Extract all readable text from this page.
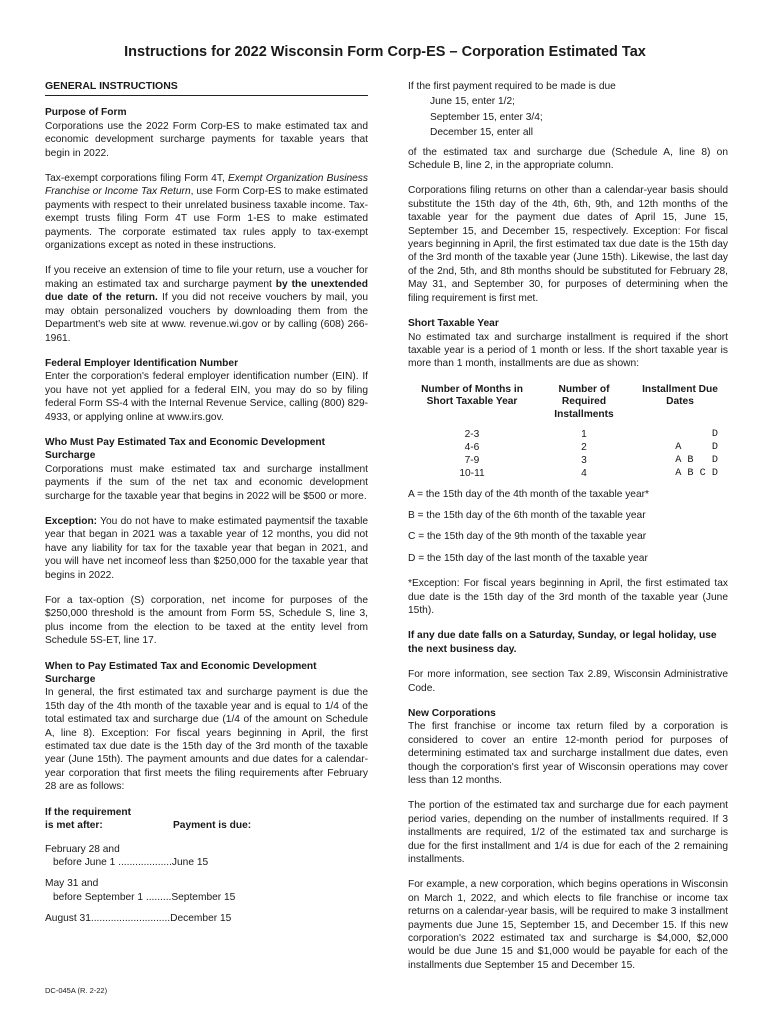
Instructions for 2022 Wisconsin Form Corp-ES – Corporation Estimated Tax
GENERAL INSTRUCTIONS
Purpose of Form

Corporations use the 2022 Form Corp-ES to make estimated tax and economic development surcharge payments for taxable years that begin in 2022.

Tax-exempt corporations filing Form 4T, Exempt Organization Business Franchise or Income Tax Return, use Form Corp-ES to make estimated payments with respect to their unrelated business taxable income. Tax-exempt trusts filing Form 4T use Form 1-ES to make estimated payments. The corporate estimated tax rules apply to tax-exempt organizations except as noted in these instructions.

If you receive an extension of time to file your return, use a voucher for making an estimated tax and surcharge payment by the unextended due date of the return. If you did not receive vouchers by mail, you may obtain personalized vouchers by downloading them from the Department's web site at www. revenue.wi.gov or by calling (608) 266-1961.

Federal Employer Identification Number

Enter the corporation's federal employer identification number (EIN). If you have not yet applied for a federal EIN, you may do so by filing federal Form SS-4 with the Internal Revenue Service, calling (800) 829-4933, or applying online at www.irs.gov.

Who Must Pay Estimated Tax and Economic Development Surcharge

Corporations must make estimated tax and surcharge installment payments if the sum of the net tax and economic development surcharge for the taxable year that begins in 2022 will be $500 or more.

Exception: You do not have to make estimated paymentsif the taxable year that began in 2021 was a taxable year of 12 months, you did not have any liability for tax for the taxable year that began in 2021, and you will have net incomeof less than $250,000 for the taxable year that begins in 2022.

For a tax-option (S) corporation, net income for purposes of the $250,000 threshold is the amount from Form 5S, Schedule S, line 3, plus income from the election to be taxed at the entity level from Schedule 5S-ET, line 17.

When to Pay Estimated Tax and Economic Development Surcharge

In general, the first estimated tax and surcharge payment is due the 15th day of the 4th month of the taxable year and is equal to 1/4 of the total estimated tax and surcharge due (1/4 of the amount on Schedule A, line 8). Exception: For fiscal years beginning in April, the first estimated tax due date is the 15th day of the 3rd month of the taxable year (June 15th). The payment amounts and due dates for a calendar-year corporation that first meets the filing requirements after February 28 are as follows:

If the requirement
is met after:	Payment is due:
February 28 and
before June 1 ...................June 15
May 31 and
before September 1 .........September 15
August 31............................December 15
If the first payment required to be made is due
June 15, enter 1/2;
September 15, enter 3/4;
December 15, enter all

of the estimated tax and surcharge due (Schedule A, line 8) on Schedule B, line 2, in the appropriate column.

Corporations filing returns on other than a calendar-year basis should substitute the 15th day of the 4th, 6th, 9th, and 12th months of the taxable year for the payment due dates of April 15, June 15, September 15, and December 15, respectively. Exception: For fiscal years beginning in April, the first estimated tax due date is the 15th day of the 3rd month of the taxable year (June 15th). Likewise, the last day of the 2nd, 5th, and 8th months should be substituted for February 28, May 31, and September 30, for purposes of determining when the filing requirement is first met.

Short Taxable Year

No estimated tax and surcharge installment is required if the short taxable year is a period of 1 month or less. If the short taxable year is more than 1 month, installments are due as shown:

Number of Months in Short Taxable Year	Number of Required Installments	Installment Due Dates
2-3	1	D
4-6	2	A     D
7-9	3	A B   D
10-11	4	A B C D
A = the 15th day of the 4th month of the taxable year*
B = the 15th day of the 6th month of the taxable year
C = the 15th day of the 9th month of the taxable year
D = the 15th day of the last month of the taxable year

*Exception: For fiscal years beginning in April, the first estimated tax due date is the 15th day of the 3rd month of the taxable year (June 15th).

If any due date falls on a Saturday, Sunday, or legal holiday, use the next business day.

For more information, see section Tax 2.89, Wisconsin Administrative Code.

New Corporations

The first franchise or income tax return filed by a corporation is considered to cover an entire 12-month period for purposes of determining estimated tax and surcharge installment due dates, even though the corporation's first year of Wisconsin operations may cover less than 12 months.

The portion of the estimated tax and surcharge due for each payment period varies, depending on the number of installments required. If 3 installments are required, 1/2 of the estimated tax and surcharge is due for the first installment and 1/4 is due for each of the 2 remaining installments.

For example, a new corporation, which begins operations in Wisconsin on March 1, 2022, and which elects to file franchise or income tax returns on a calendar-year basis, will be required to make 3 installment payments due June 15, September 15, and December 15. If this new corporation's 2022 estimated tax and surcharge is $4,000, $2,000 would be due June 15 and $1,000 would be payable for each of the installments due September 15 and December 15.

DC-045A (R. 2-22)
